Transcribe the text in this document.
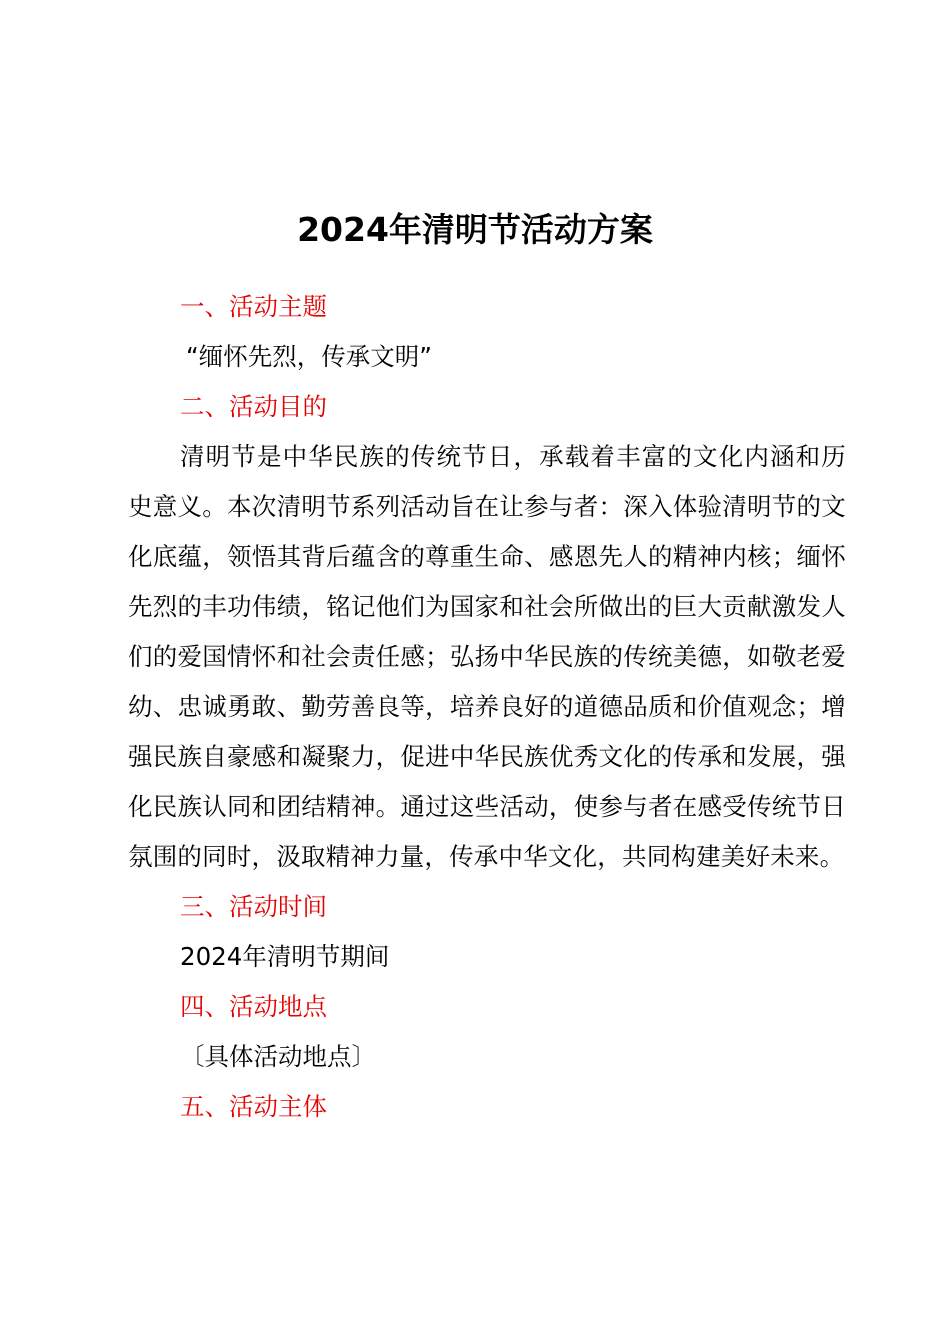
2024年清明节活动方案
一、活动主题
“缅怀先烈，传承文明”
二、活动目的

清明节是中华民族的传统节日，承载着丰富的文化内涵和历史意义。本次清明节系列活动旨在让参与者：深入体验清明节的文化底蕴，领悟其背后蕴含的尊重生命、感恩先人的精神内核；缅怀先烈的丰功伟绩，铭记他们为国家和社会所做出的巨大贡献激发人们的爱国情怀和社会责任感；弘扬中华民族的传统美德，如敬老爱幼、忠诚勇敢、勤劳善良等，培养良好的道德品质和价值观念；增强民族自豪感和凝聚力，促进中华民族优秀文化的传承和发展，强化民族认同和团结精神。通过这些活动，使参与者在感受传统节日氛围的同时，汲取精神力量，传承中华文化，共同构建美好未来。

三、活动时间
2024年清明节期间
四、活动地点
〔具体活动地点〕
五、活动主体
